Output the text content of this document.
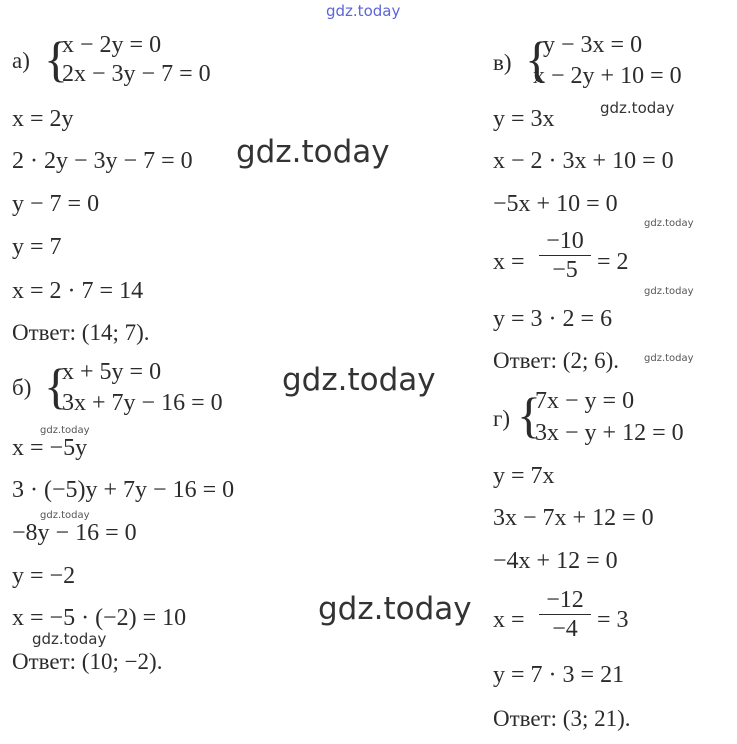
gdz.today
а) {
x − 2y = 0
2x − 3y − 7 = 0
x = 2y
2 · 2y − 3y − 7 = 0
y − 7 = 0
y = 7
x = 2 · 7 = 14
Ответ: (14; 7).
б) {
x + 5y = 0
3x + 7y − 16 = 0
x = −5y
3 · (−5)y + 7y − 16 = 0
−8y − 16 = 0
y = −2
x = −5 · (−2) = 10
Ответ: (10; −2).
в) {
y − 3x = 0
x − 2y + 10 = 0
y = 3x
x − 2 · 3x + 10 = 0
−5x + 10 = 0
x =
−10
−5 = 2
y = 3 · 2 = 6
Ответ: (2; 6).
г) {
7x − y = 0
3x − y + 12 = 0
y = 7x
3x − 7x + 12 = 0
−4x + 12 = 0
x =
−12
−4 = 3
y = 7 · 3 = 21
Ответ: (3; 21).
gdz.today
gdz.today
gdz.today
gdz.today
gdz.today
gdz.today
gdz.today
gdz.today
gdz.today
gdz.today
